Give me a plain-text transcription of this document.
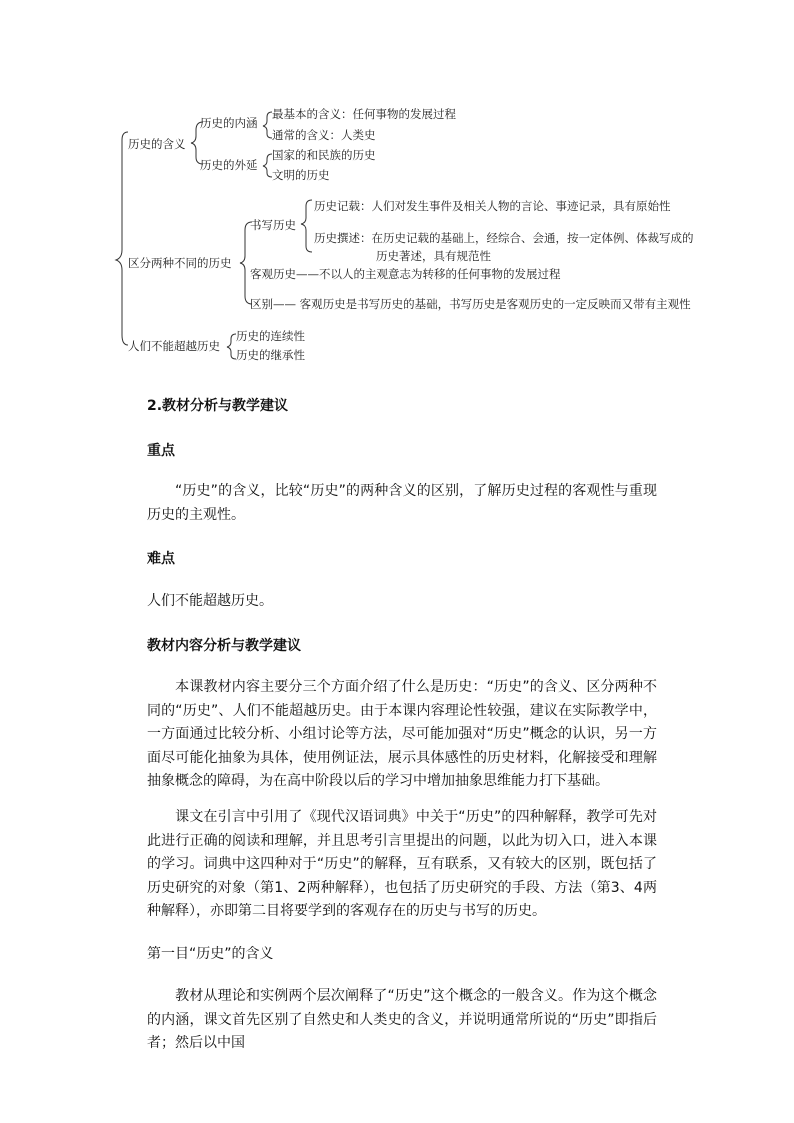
历史的含义
历史的内涵
最基本的含义：任何事物的发展过程
通常的含义：人类史
历史的外延
国家的和民族的历史
文明的历史
区分两种不同的历史
书写历史
历史记载：人们对发生事件及相关人物的言论、事迹记录，具有原始性
历史撰述：在历史记载的基础上，经综合、会通，按一定体例、体裁写成的
历史著述，具有规范性
客观历史——不以人的主观意志为转移的任何事物的发展过程
区别—— 客观历史是书写历史的基础，书写历史是客观历史的一定反映而又带有主观性
人们不能超越历史
历史的连续性
历史的继承性
2.教材分析与教学建议
重点
“历史”的含义，比较“历史”的两种含义的区别，了解历史过程的客观性与重现历史的主观性。
难点
人们不能超越历史。
教材内容分析与教学建议
本课教材内容主要分三个方面介绍了什么是历史：“历史”的含义、区分两种不同的“历史”、人们不能超越历史。由于本课内容理论性较强，建议在实际教学中，一方面通过比较分析、小组讨论等方法，尽可能加强对“历史”概念的认识，另一方面尽可能化抽象为具体，使用例证法，展示具体感性的历史材料，化解接受和理解抽象概念的障碍，为在高中阶段以后的学习中增加抽象思维能力打下基础。
课文在引言中引用了《现代汉语词典》中关于“历史”的四种解释，教学可先对此进行正确的阅读和理解，并且思考引言里提出的问题，以此为切入口，进入本课的学习。词典中这四种对于“历史”的解释，互有联系，又有较大的区别，既包括了历史研究的对象（第1、2两种解释），也包括了历史研究的手段、方法（第3、4两种解释），亦即第二目将要学到的客观存在的历史与书写的历史。
第一目“历史”的含义
教材从理论和实例两个层次阐释了“历史”这个概念的一般含义。作为这个概念的内涵，课文首先区别了自然史和人类史的含义，并说明通常所说的“历史”即指后者；然后以中国
